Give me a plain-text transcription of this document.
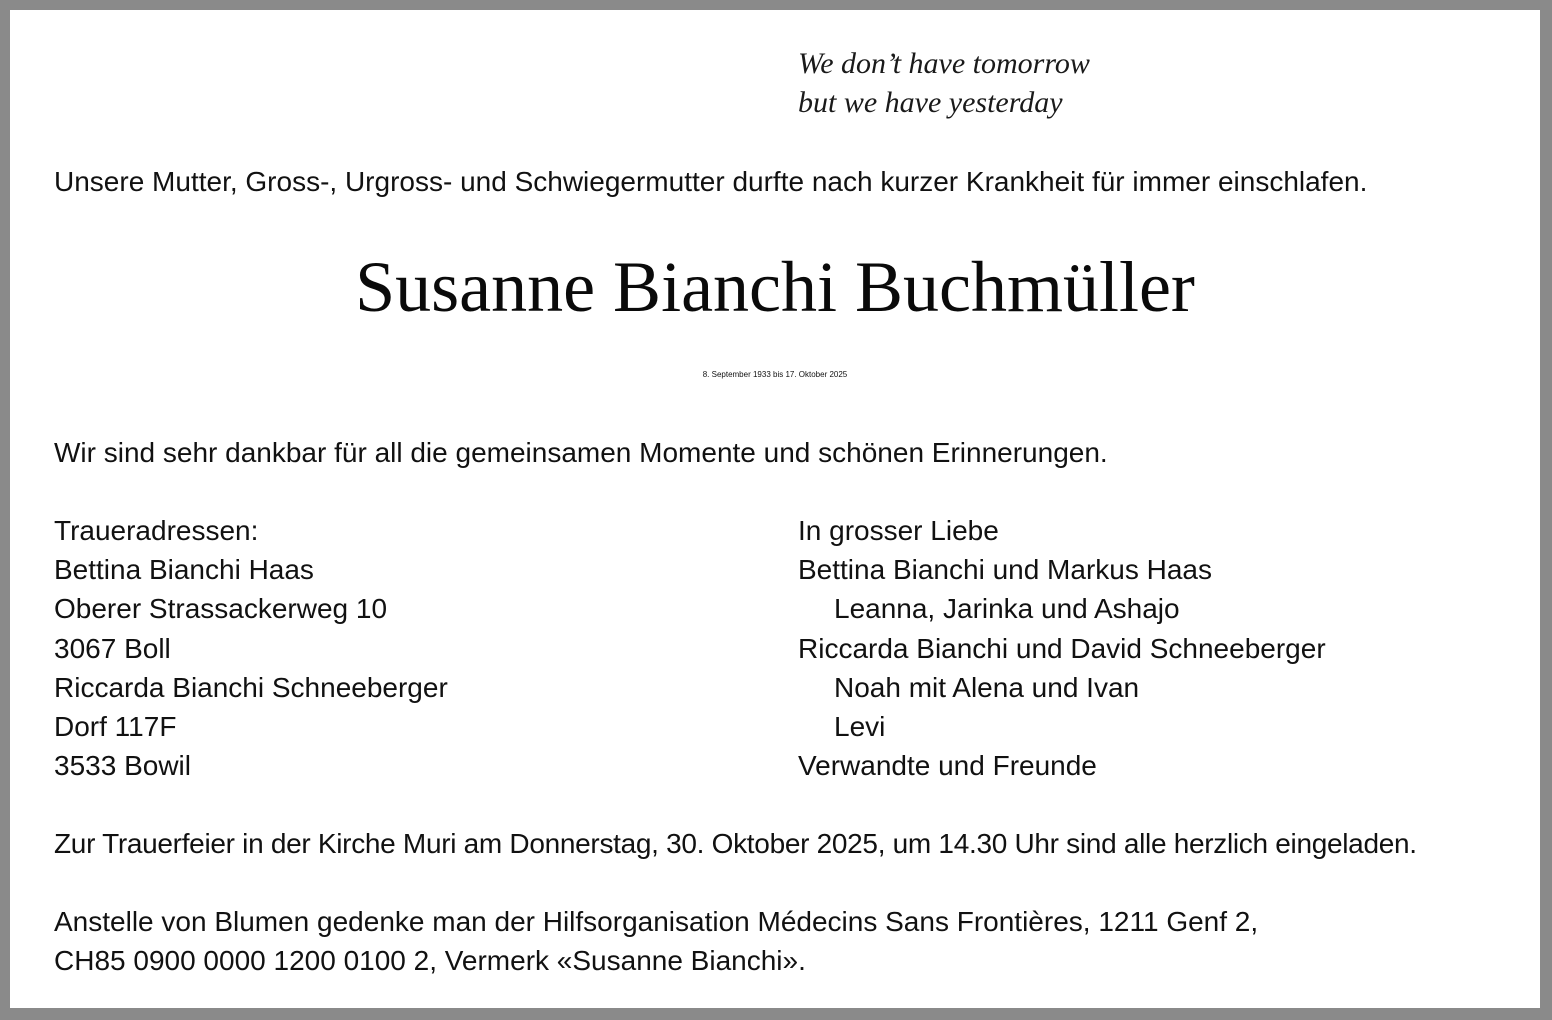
We don’t have tomorrow
but we have yesterday
Unsere Mutter, Gross-, Urgross- und Schwiegermutter durfte nach kurzer Krankheit für immer einschlafen.
Susanne Bianchi Buchmüller
8. September 1933 bis 17. Oktober 2025
Wir sind sehr dankbar für all die gemeinsamen Momente und schönen Erinnerungen.
Traueradressen:
Bettina Bianchi Haas
Oberer Strassackerweg 10
3067 Boll
Riccarda Bianchi Schneeberger
Dorf 117F
3533 Bowil
In grosser Liebe
Bettina Bianchi und Markus Haas
Leanna, Jarinka und Ashajo
Riccarda Bianchi und David Schneeberger
Noah mit Alena und Ivan
Levi
Verwandte und Freunde
Zur Trauerfeier in der Kirche Muri am Donnerstag, 30. Oktober 2025, um 14.30 Uhr sind alle herzlich eingeladen.
Anstelle von Blumen gedenke man der Hilfsorganisation Médecins Sans Frontières, 1211 Genf 2,
CH85 0900 0000 1200 0100 2, Vermerk «Susanne Bianchi».
